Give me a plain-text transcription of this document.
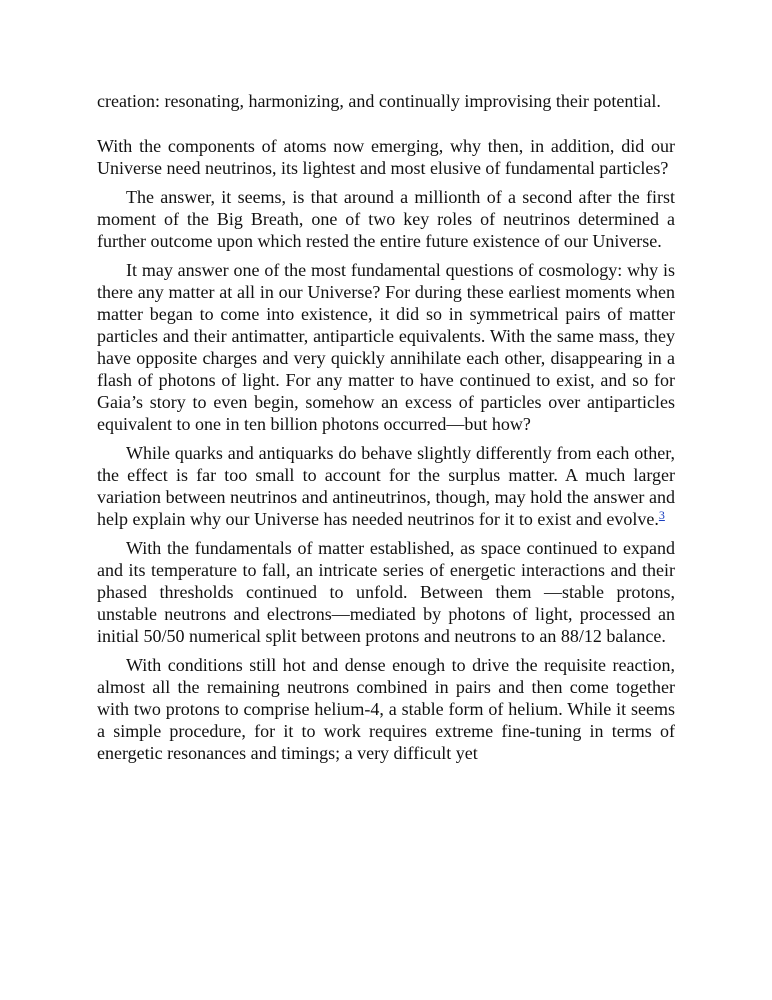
creation: resonating, harmonizing, and continually improvising their potential.

With the components of atoms now emerging, why then, in addition, did our Universe need neutrinos, its lightest and most elusive of fundamental particles?

The answer, it seems, is that around a millionth of a second after the first moment of the Big Breath, one of two key roles of neutrinos determined a further outcome upon which rested the entire future existence of our Universe.

It may answer one of the most fundamental questions of cosmology: why is there any matter at all in our Universe? For during these earliest moments when matter began to come into existence, it did so in symmetrical pairs of matter particles and their antimatter, antiparticle equivalents. With the same mass, they have opposite charges and very quickly annihilate each other, disappearing in a flash of photons of light. For any matter to have continued to exist, and so for Gaia’s story to even begin, somehow an excess of particles over antiparticles equivalent to one in ten billion photons occurred—but how?

While quarks and antiquarks do behave slightly differently from each other, the effect is far too small to account for the surplus matter. A much larger variation between neutrinos and antineutrinos, though, may hold the answer and help explain why our Universe has needed neutrinos for it to exist and evolve.$^3$

With the fundamentals of matter established, as space continued to expand and its temperature to fall, an intricate series of energetic interactions and their phased thresholds continued to unfold. Between them —stable protons, unstable neutrons and electrons—mediated by photons of light, processed an initial 50/50 numerical split between protons and neutrons to an 88/12 balance.

With conditions still hot and dense enough to drive the requisite reaction, almost all the remaining neutrons combined in pairs and then come together with two protons to comprise helium-4, a stable form of helium. While it seems a simple procedure, for it to work requires extreme fine-tuning in terms of energetic resonances and timings; a very difficult yet
